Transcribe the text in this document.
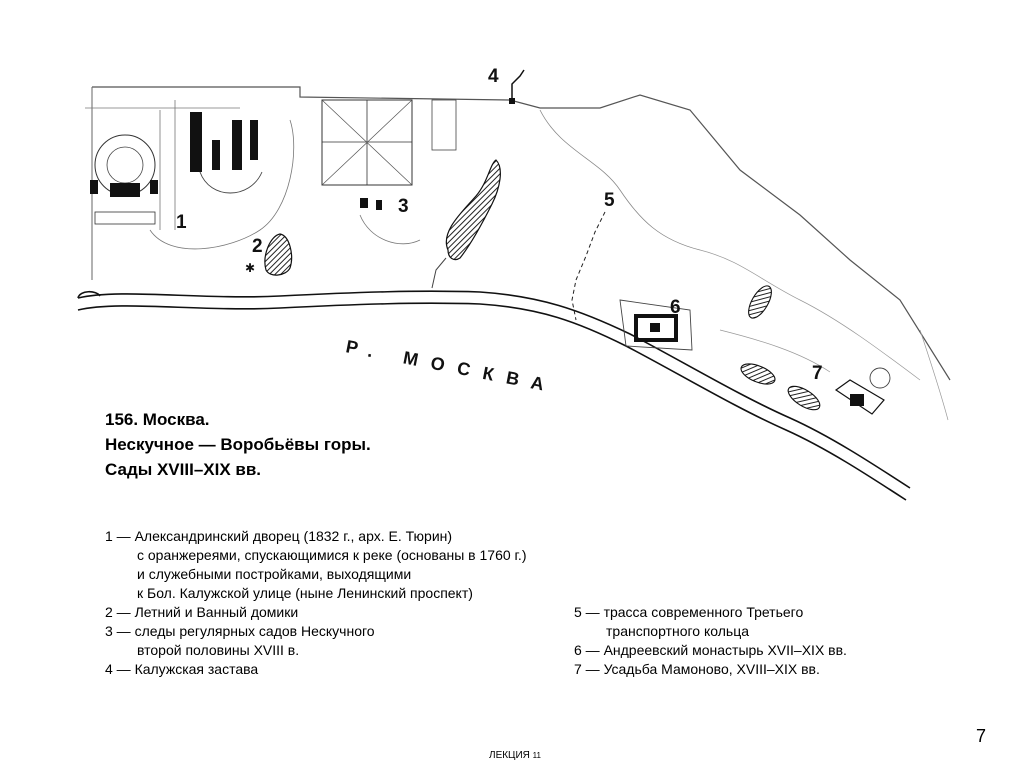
✱
1
2
3
4
5
6
7
Р. МОСКВА
156. Москва.
Нескучное — Воробьёвы горы.
Сады XVIII–XIX вв.
1 — Александринский дворец (1832 г., арх. Е. Тюрин)
с оранжереями, спускающимися к реке (основаны в 1760 г.)
и служебными постройками, выходящими
к Бол. Калужской улице (ныне Ленинский проспект)
2 — Летний и Ванный домики
3 — следы регулярных садов Нескучного
второй половины XVIII в.
4 — Калужская застава
5 — трасса современного Третьего
транспортного кольца
6 — Андреевский монастырь XVII–XIX вв.
7 — Усадьба Мамоново, XVIII–XIX вв.
7
ЛЕКЦИЯ 11
